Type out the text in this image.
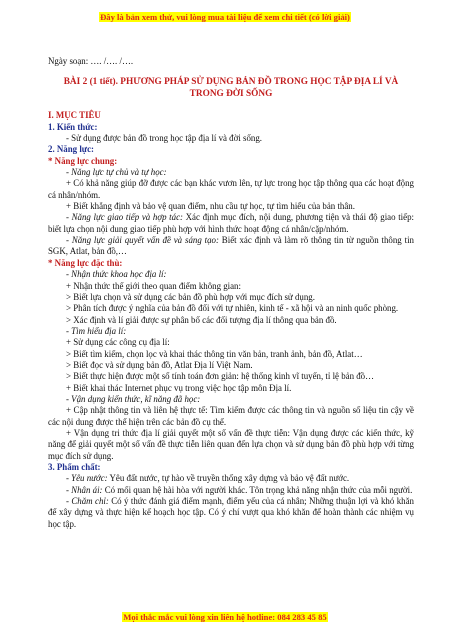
Đây là bản xem thử, vui lòng mua tài liệu để xem chi tiết (có lời giải)

Ngày soạn: …. /…. /….

BÀI 2 (1 tiết). PHƯƠNG PHÁP SỬ DỤNG BẢN ĐỒ TRONG HỌC TẬP ĐỊA LÍ VÀ TRONG ĐỜI SỐNG

I. MỤC TIÊU

1. Kiến thức:

- Sử dụng được bản đồ trong học tập địa lí và đời sống.

2. Năng lực:

* Năng lực chung:

- Năng lực tự chủ và tự học:

+ Có khả năng giúp đỡ được các bạn khác vươn lên, tự lực trong học tập thông qua các hoạt động cá nhân/nhóm.

+ Biết khẳng định và bảo vệ quan điểm, nhu cầu tự học, tự tìm hiểu của bản thân.

- Năng lực giao tiếp và hợp tác: Xác định mục đích, nội dung, phương tiện và thái độ giao tiếp: biết lựa chọn nội dung giao tiếp phù hợp với hình thức hoạt động cá nhân/cặp/nhóm.

- Năng lực giải quyết vấn đề và sáng tạo: Biết xác định và làm rõ thông tin từ nguồn thông tin SGK, Atlat, bản đồ,…

* Năng lực đặc thù:

- Nhận thức khoa học địa lí:

+ Nhận thức thế giới theo quan điểm không gian:

> Biết lựa chọn và sử dụng các bản đồ phù hợp với mục đích sử dụng.

> Phân tích được ý nghĩa của bản đồ đối với tự nhiên, kinh tế - xã hội và an ninh quốc phòng.

> Xác định và lí giải được sự phân bố các đối tượng địa lí thông qua bản đồ.

- Tìm hiểu địa lí:

+ Sử dụng các công cụ địa lí:

> Biết tìm kiếm, chọn lọc và khai thác thông tin văn bản, tranh ảnh, bản đồ, Atlat…

> Biết đọc và sử dụng bản đồ, Atlat Địa lí Việt Nam.

> Biết thực hiện được một số tính toán đơn giản: hệ thống kinh vĩ tuyến, tỉ lệ bản đồ…

+ Biết khai thác Internet phục vụ trong việc học tập môn Địa lí.

- Vận dụng kiến thức, kĩ năng đã học:

+ Cập nhật thông tin và liên hệ thực tế: Tìm kiếm được các thông tin và nguồn số liệu tin cậy về các nội dung được thể hiện trên các bản đồ cụ thể.

+ Vận dụng tri thức địa lí giải quyết một số vấn đề thực tiễn: Vận dụng được các kiến thức, kỹ năng để giải quyết một số vấn đề thực tiễn liên quan đến lựa chọn và sử dụng bản đồ phù hợp với từng mục đích sử dụng.

3. Phẩm chất:

- Yêu nước: Yêu đất nước, tự hào về truyền thống xây dựng và bảo vệ đất nước.

- Nhân ái: Có mối quan hệ hài hòa với người khác. Tôn trọng khả năng nhận thức của mỗi người.

- Chăm chỉ: Có ý thức đánh giá điểm mạnh, điểm yếu của cá nhân; Những thuận lợi và khó khăn để xây dựng và thực hiện kế hoạch học tập. Có ý chí vượt qua khó khăn để hoàn thành các nhiệm vụ học tập.

Mọi thắc mắc vui lòng xin liên hệ hotline: 084 283 45 85
